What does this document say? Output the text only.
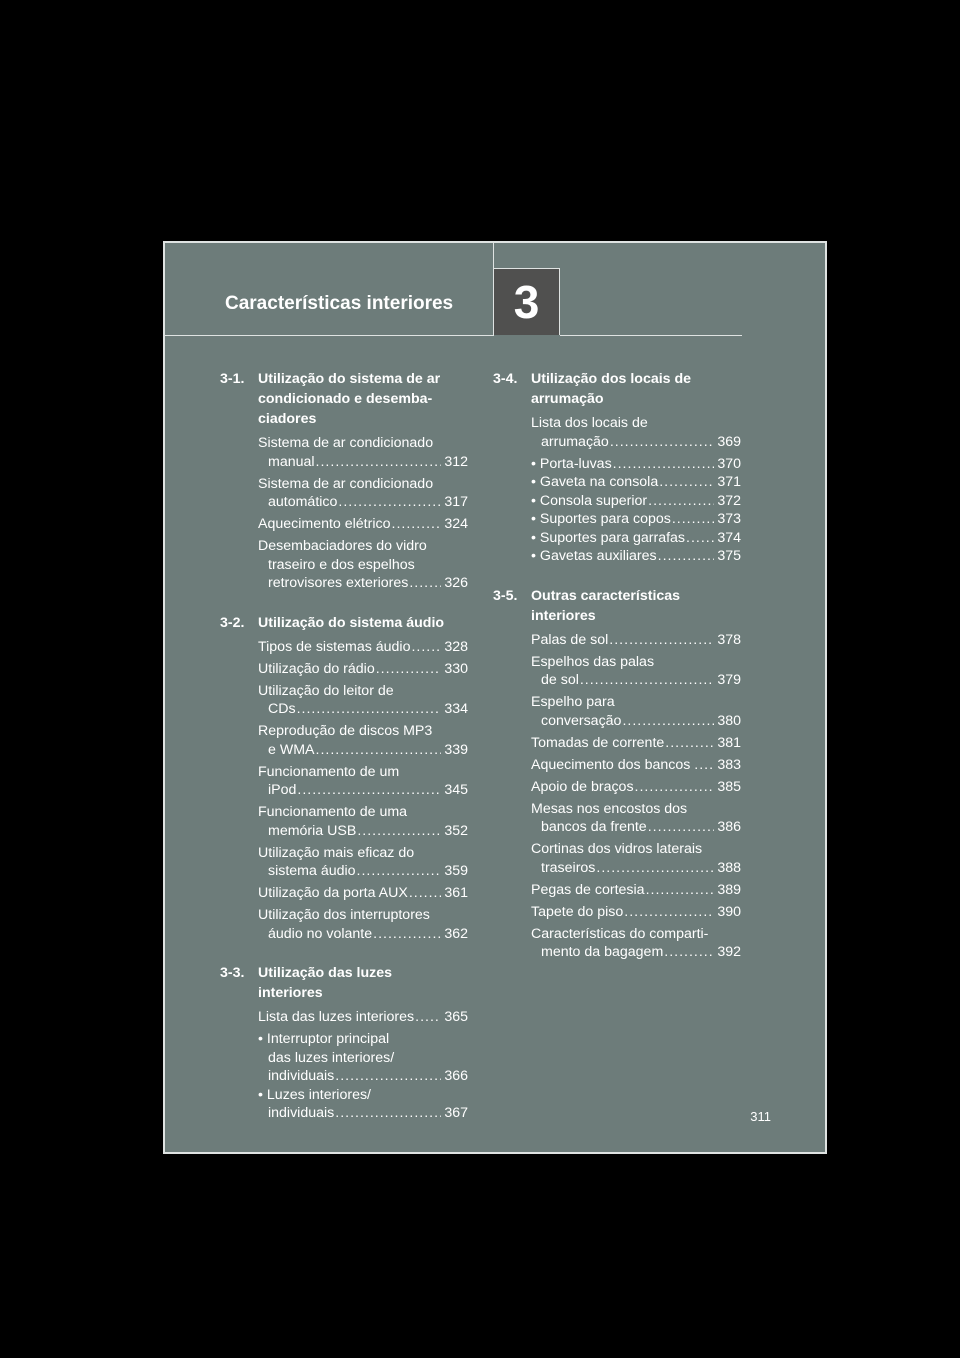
Características interiores	3
3-1. Utilização do sistema de ar
condicionado e desemba-
ciadores
Sistema de ar condicionado
manual .....	312
Sistema de ar condicionado
automático .....	317
Aquecimento elétrico .....	324
Desembaciadores do vidro
traseiro e dos espelhos
retrovisores exteriores .....	326
3-2. Utilização do sistema áudio
Tipos de sistemas áudio ..... 328
Utilização do rádio .....	330
Utilização do leitor de
CDs .....	334
Reprodução de discos MP3
e WMA .....	339
Funcionamento de um
iPod .....	345
Funcionamento de uma
memória USB .....	352
Utilização mais eficaz do
sistema áudio .....	359
Utilização da porta AUX .....	361
Utilização dos interruptores
áudio no volante .....	362
3-3. Utilização das luzes
interiores
Lista das luzes interiores ..... 365
• Interruptor principal
das luzes interiores/
individuais .....	366
• Luzes interiores/
individuais .....	367
3-4. Utilização dos locais de
arrumação
Lista dos locais de
arrumação .....	369
• Porta-luvas .....	370
• Gaveta na consola .....	371
• Consola superior .....	372
• Suportes para copos .....	373
• Suportes para garrafas ..... 374
• Gavetas auxiliares .....	375
3-5. Outras características
interiores
Palas de sol .....	378
Espelhos das palas
de sol .....	379
Espelho para
conversação .....	380
Tomadas de corrente .....	381
Aquecimento dos bancos . ..... 383
Apoio de braços .....	385
Mesas nos encostos dos
bancos da frente .....	386
Cortinas dos vidros laterais
traseiros .....	388
Pegas de cortesia .....	389
Tapete do piso .....	390
Características do comparti-
mento da bagagem .....	392
311
